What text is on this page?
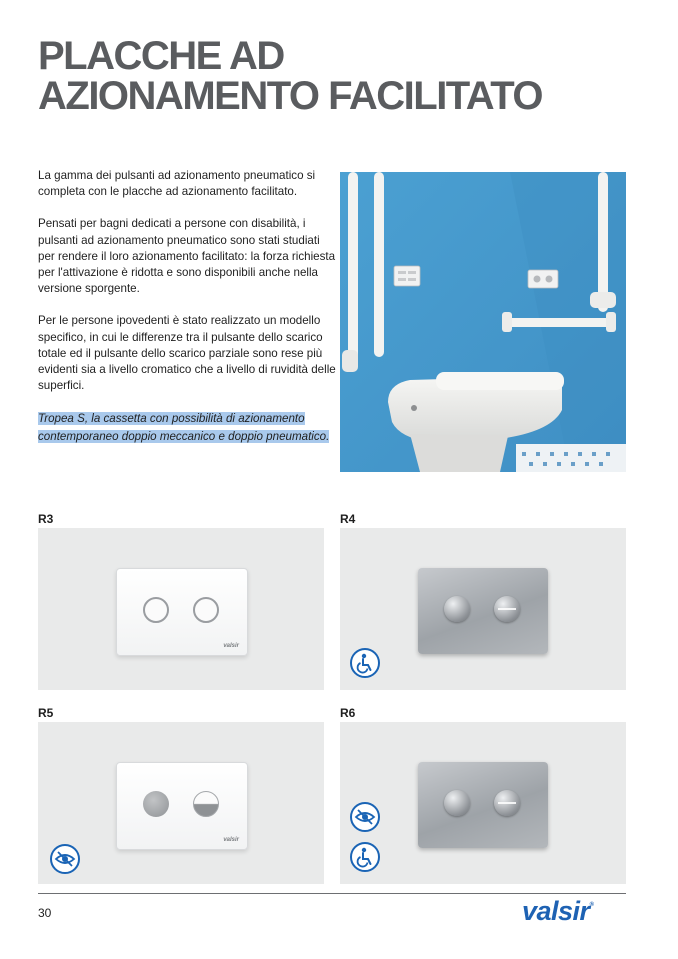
PLACCHE AD
AZIONAMENTO FACILITATO

La gamma dei pulsanti ad azionamento pneumatico si completa con le placche ad azionamento facilitato.

Pensati per bagni dedicati a persone con disabilità, i pulsanti ad azionamento pneumatico sono stati studiati per rendere il loro azionamento facilitato: la forza richiesta per l'attivazione è ridotta e sono disponibili anche nella versione sporgente.

Per le persone ipovedenti è stato realizzato un modello specifico, in cui le differenze tra il pulsante dello scarico totale ed il pulsante dello scarico parziale sono rese più evidenti sia a livello cromatico che a livello di ruvidità delle superfici.

Tropea S, la cassetta con possibilità di azionamento contemporaneo doppio meccanico e doppio pneumatico.

R3
valsir
R4
R5
valsir
R6
30	valsir®
